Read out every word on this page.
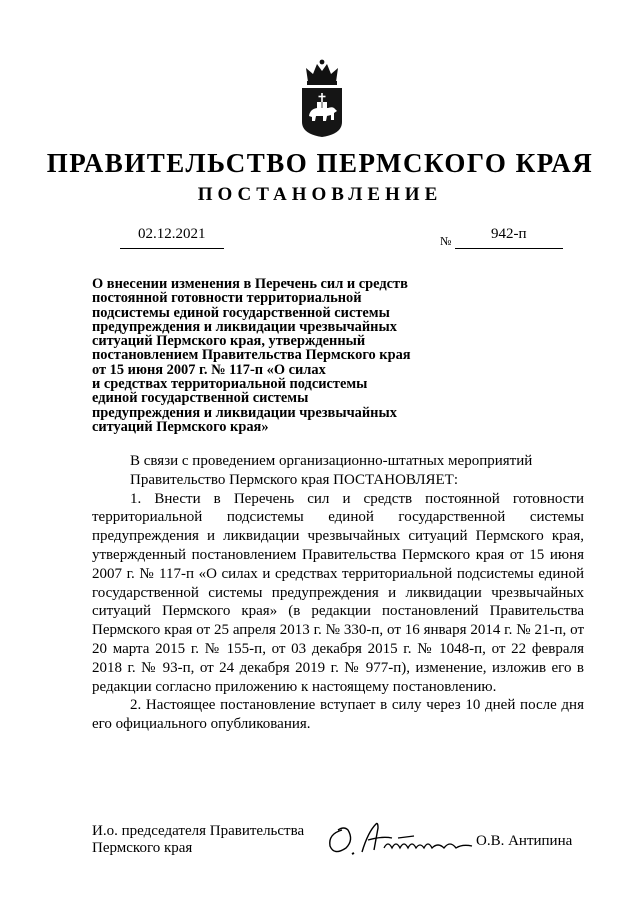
ПРАВИТЕЛЬСТВО ПЕРМСКОГО КРАЯ
ПОСТАНОВЛЕНИЕ
02.12.2021	№	942-п
О внесении изменения в Перечень сил и средств
постоянной готовности территориальной
подсистемы единой государственной системы
предупреждения и ликвидации чрезвычайных
ситуаций Пермского края, утвержденный
постановлением Правительства Пермского края
от 15 июня 2007 г. № 117-п «О силах
и средствах территориальной подсистемы
единой государственной системы
предупреждения и ликвидации чрезвычайных
ситуаций Пермского края»

В связи с проведением организационно-штатных мероприятий

Правительство Пермского края ПОСТАНОВЛЯЕТ:

1. Внести в Перечень сил и средств постоянной готовности территориальной подсистемы единой государственной системы предупреждения и ликвидации чрезвычайных ситуаций Пермского края, утвержденный постановлением Правительства Пермского края от 15 июня 2007 г. № 117-п «О силах и средствах территориальной подсистемы единой государственной системы предупреждения и ликвидации чрезвычайных ситуаций Пермского края» (в редакции постановлений Правительства Пермского края от 25 апреля 2013 г. № 330-п, от 16 января 2014 г. № 21-п, от 20 марта 2015 г. № 155-п, от 03 декабря 2015 г. № 1048-п, от 22 февраля 2018 г. № 93-п, от 24 декабря 2019 г. № 977-п), изменение, изложив его в редакции согласно приложению к настоящему постановлению.

2. Настоящее постановление вступает в силу через 10 дней после дня его официального опубликования.

И.о. председателя Правительства
Пермского края	О.В. Антипина
